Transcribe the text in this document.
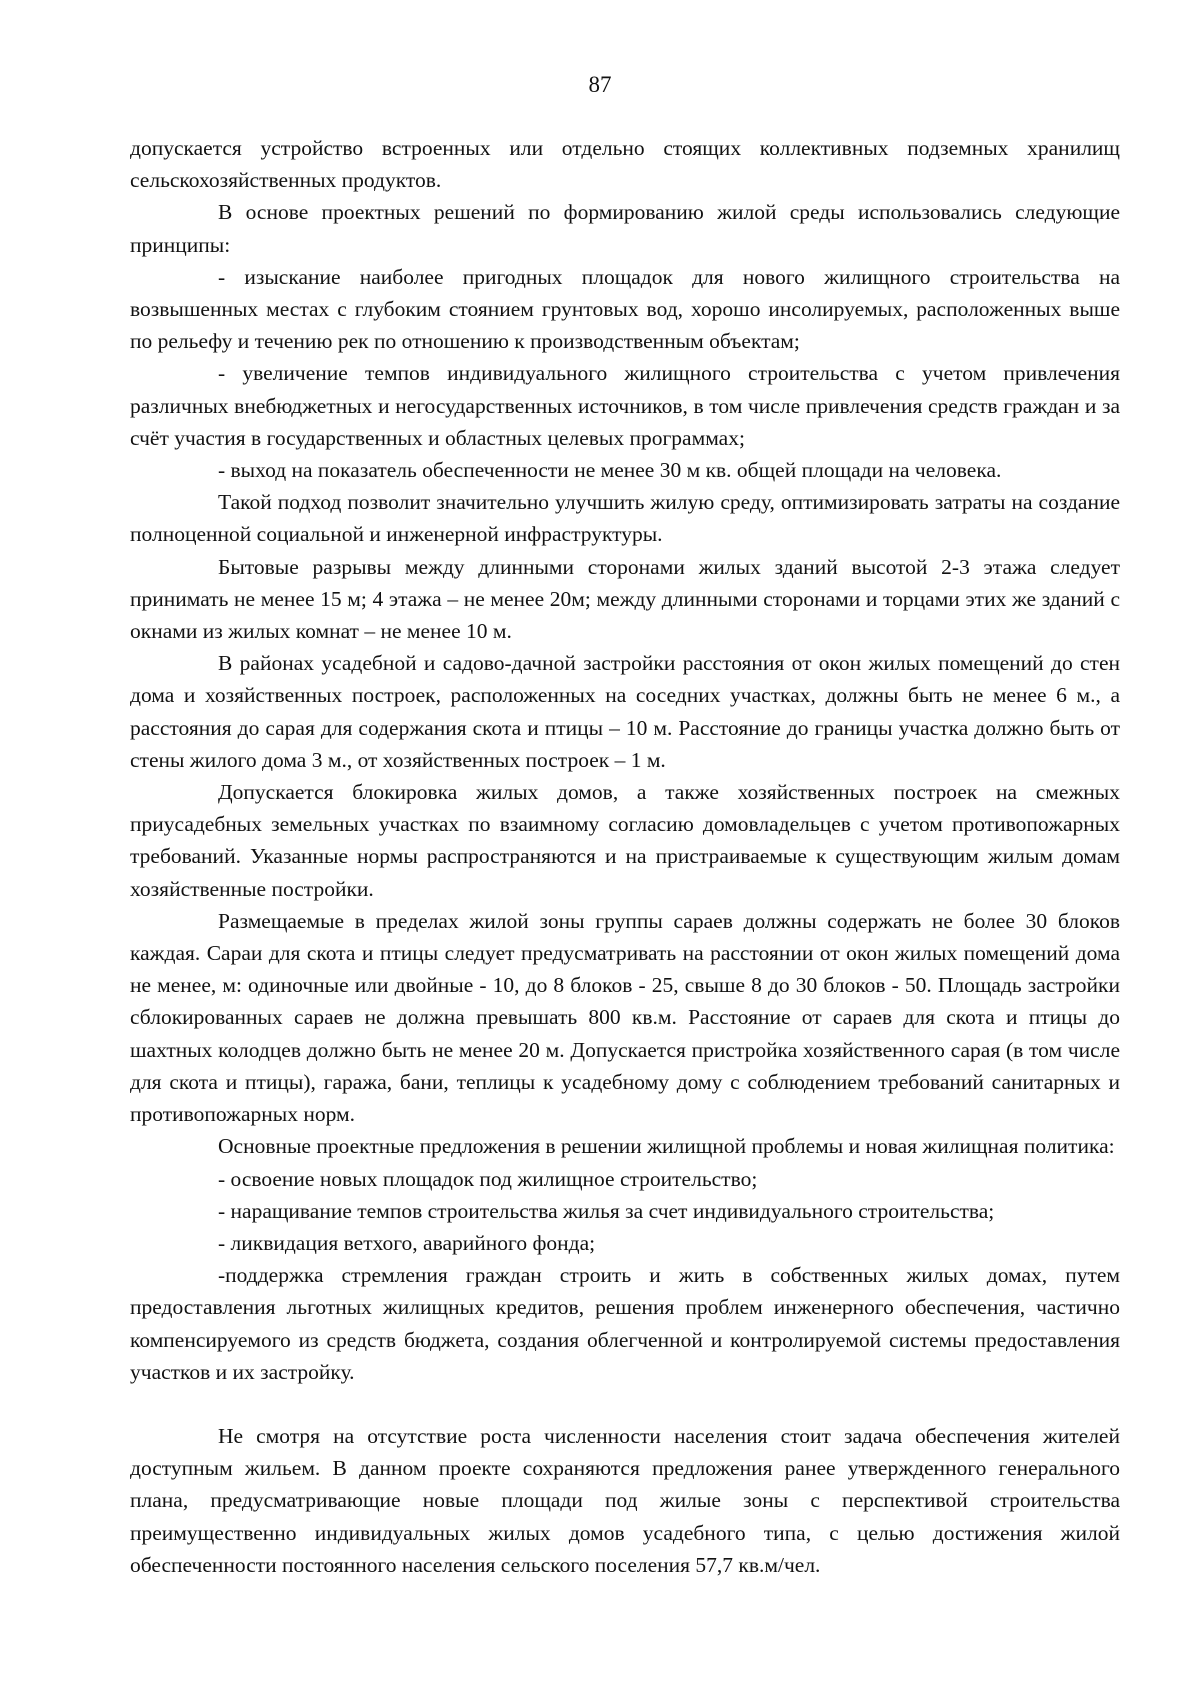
87

допускается устройство встроенных или отдельно стоящих коллективных подземных хранилищ сельскохозяйственных продуктов.

В основе проектных решений по формированию жилой среды использовались следующие принципы:

- изыскание наиболее пригодных площадок для нового жилищного строительства на возвышенных местах с глубоким стоянием грунтовых вод, хорошо инсолируемых, расположенных выше по рельефу и течению рек по отношению к производственным объектам;

- увеличение темпов индивидуального жилищного строительства с учетом привлечения различных внебюджетных и негосударственных источников, в том числе привлечения средств граждан и за счёт участия в государственных и областных целевых программах;

- выход на показатель обеспеченности не менее 30 м кв. общей площади на человека.

Такой подход позволит значительно улучшить жилую среду, оптимизировать затраты на создание полноценной социальной и инженерной инфраструктуры.

Бытовые разрывы между длинными сторонами жилых зданий высотой 2-3 этажа следует принимать не менее 15 м; 4 этажа – не менее 20м; между длинными сторонами и торцами этих же зданий с окнами из жилых комнат – не менее 10 м.

В районах усадебной и садово-дачной застройки расстояния от окон жилых помещений до стен дома и хозяйственных построек, расположенных на соседних участках, должны быть не менее 6 м., а расстояния до сарая для содержания скота и птицы – 10 м. Расстояние до границы участка должно быть от стены жилого дома 3 м., от хозяйственных построек – 1 м.

Допускается блокировка жилых домов, а также хозяйственных построек на смежных приусадебных земельных участках по взаимному согласию домовладельцев с учетом противопожарных требований. Указанные нормы распространяются и на пристраиваемые к существующим жилым домам хозяйственные постройки.

Размещаемые в пределах жилой зоны группы сараев должны содержать не более 30 блоков каждая. Сараи для скота и птицы следует предусматривать на расстоянии от окон жилых помещений дома не менее, м: одиночные или двойные - 10, до 8 блоков - 25, свыше 8 до 30 блоков - 50. Площадь застройки сблокированных сараев не должна превышать 800 кв.м. Расстояние от сараев для скота и птицы до шахтных колодцев должно быть не менее 20 м. Допускается пристройка хозяйственного сарая (в том числе для скота и птицы), гаража, бани, теплицы к усадебному дому с соблюдением требований санитарных и противопожарных норм.

Основные проектные предложения в решении жилищной проблемы и новая жилищная политика:

- освоение новых площадок под жилищное строительство;

- наращивание темпов строительства жилья за счет индивидуального строительства;

- ликвидация ветхого, аварийного фонда;

-поддержка стремления граждан строить и жить в собственных жилых домах, путем предоставления льготных жилищных кредитов, решения проблем инженерного обеспечения, частично компенсируемого из средств бюджета, создания облегченной и контролируемой системы предоставления участков и их застройку.

Не смотря на отсутствие роста численности населения стоит задача обеспечения жителей доступным жильем. В данном проекте сохраняются предложения ранее утвержденного генерального плана, предусматривающие новые площади под жилые зоны с перспективой строительства преимущественно индивидуальных жилых домов усадебного типа, с целью достижения жилой обеспеченности постоянного населения сельского поселения 57,7 кв.м/чел.
